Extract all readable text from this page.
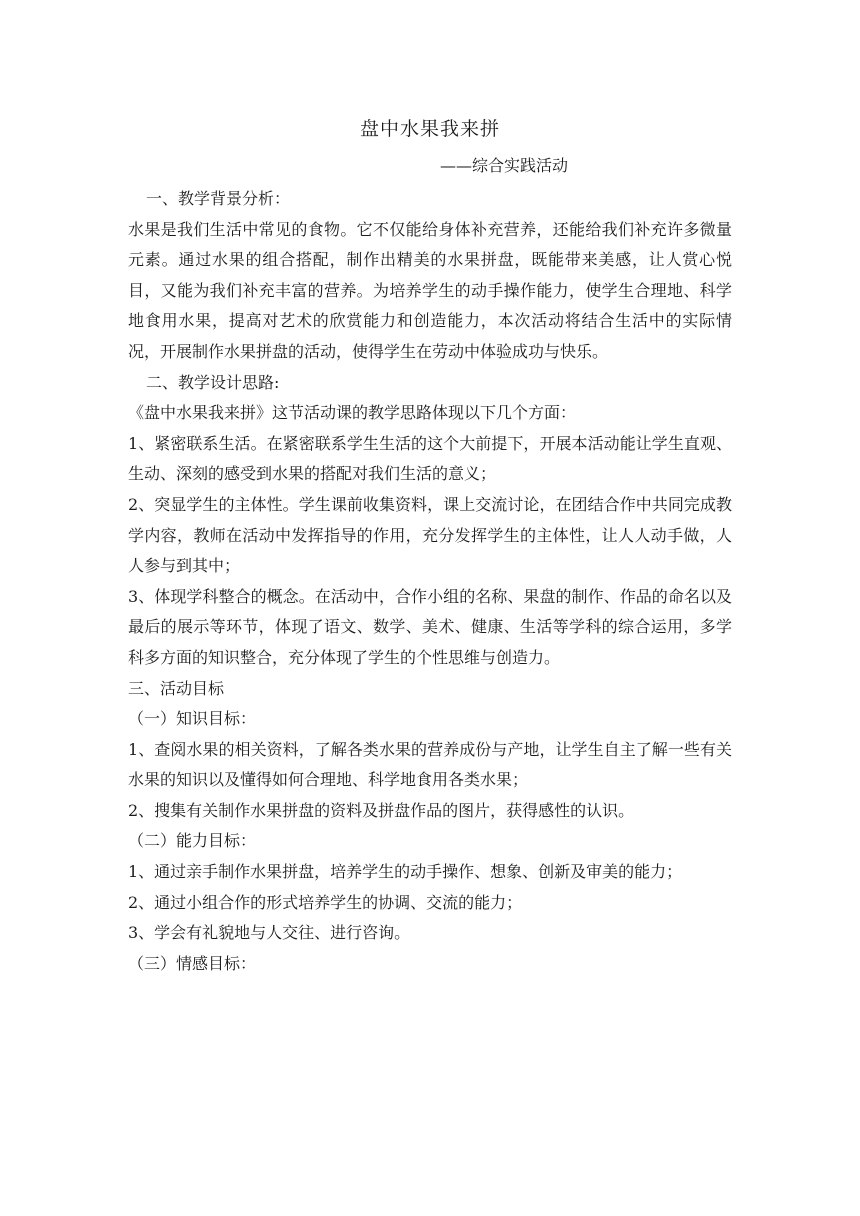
盘中水果我来拼
——综合实践活动

一、教学背景分析：

水果是我们生活中常见的食物。它不仅能给身体补充营养，还能给我们补充许多微量元素。通过水果的组合搭配，制作出精美的水果拼盘，既能带来美感，让人赏心悦目，又能为我们补充丰富的营养。为培养学生的动手操作能力，使学生合理地、科学地食用水果，提高对艺术的欣赏能力和创造能力，本次活动将结合生活中的实际情况，开展制作水果拼盘的活动，使得学生在劳动中体验成功与快乐。

二、教学设计思路:

《盘中水果我来拼》这节活动课的教学思路体现以下几个方面：

1、紧密联系生活。在紧密联系学生生活的这个大前提下，开展本活动能让学生直观、生动、深刻的感受到水果的搭配对我们生活的意义；

2、突显学生的主体性。学生课前收集资料，课上交流讨论，在团结合作中共同完成教学内容，教师在活动中发挥指导的作用，充分发挥学生的主体性，让人人动手做，人人参与到其中；

3、体现学科整合的概念。在活动中，合作小组的名称、果盘的制作、作品的命名以及最后的展示等环节，体现了语文、数学、美术、健康、生活等学科的综合运用，多学科多方面的知识整合，充分体现了学生的个性思维与创造力。

三、活动目标

（一）知识目标：

1、查阅水果的相关资料，了解各类水果的营养成份与产地，让学生自主了解一些有关水果的知识以及懂得如何合理地、科学地食用各类水果；

2、搜集有关制作水果拼盘的资料及拼盘作品的图片，获得感性的认识。

（二）能力目标：

1、通过亲手制作水果拼盘，培养学生的动手操作、想象、创新及审美的能力；

2、通过小组合作的形式培养学生的协调、交流的能力；

3、学会有礼貌地与人交往、进行咨询。

（三）情感目标：
